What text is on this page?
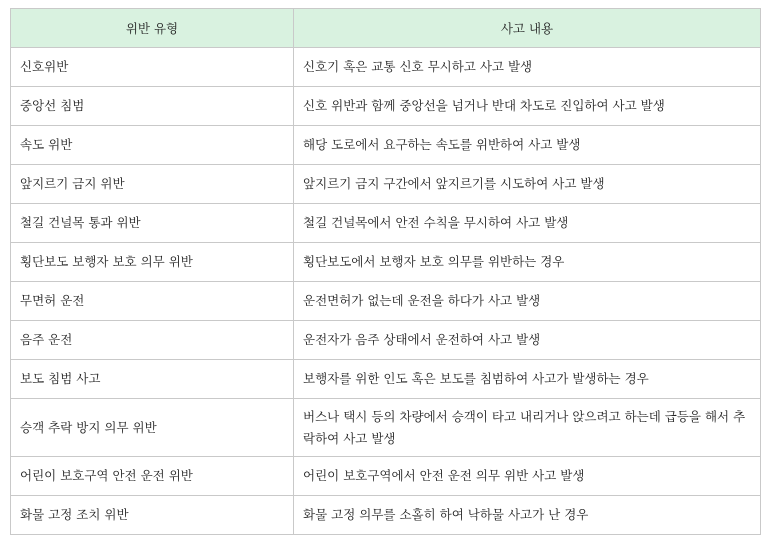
위반 유형	사고 내용
신호위반	신호기 혹은 교통 신호 무시하고 사고 발생
중앙선 침범	신호 위반과 함께 중앙선을 넘거나 반대 차도로 진입하여 사고 발생
속도 위반	해당 도로에서 요구하는 속도를 위반하여 사고 발생
앞지르기 금지 위반	앞지르기 금지 구간에서 앞지르기를 시도하여 사고 발생
철길 건널목 통과 위반	철길 건널목에서 안전 수칙을 무시하여 사고 발생
횡단보도 보행자 보호 의무 위반	횡단보도에서 보행자 보호 의무를 위반하는 경우
무면허 운전	운전면허가 없는데 운전을 하다가 사고 발생
음주 운전	운전자가 음주 상태에서 운전하여 사고 발생
보도 침범 사고	보행자를 위한 인도 혹은 보도를 침범하여 사고가 발생하는 경우
승객 추락 방지 의무 위반	버스나 택시 등의 차량에서 승객이 타고 내리거나 앉으려고 하는데 급등을 해서 추락하여 사고 발생
어린이 보호구역 안전 운전 위반	어린이 보호구역에서 안전 운전 의무 위반 사고 발생
화물 고정 조치 위반	화물 고정 의무를 소홀히 하여 낙하물 사고가 난 경우
